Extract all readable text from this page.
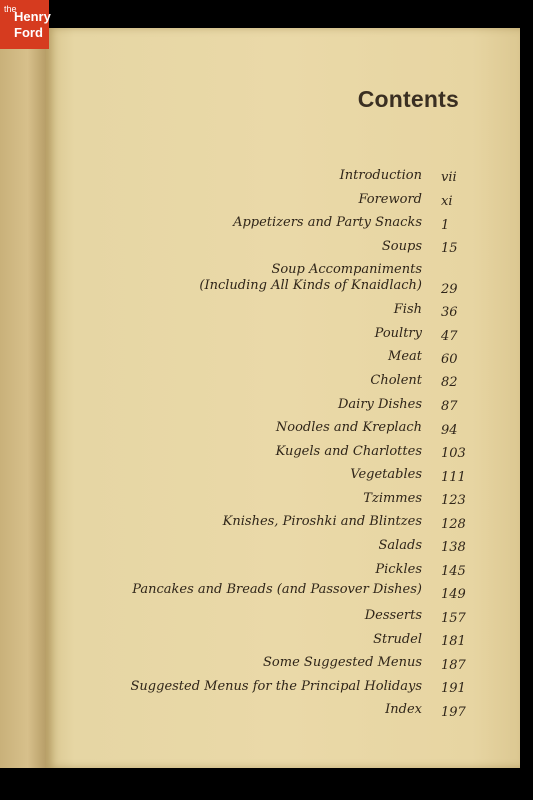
the
Henry
Ford
Contents
Introduction vii
Foreword xi
Appetizers and Party Snacks 1
Soups 15
Soup Accompaniments
(Including All Kinds of Knaidlach) 29
Fish 36
Poultry 47
Meat 60
Cholent 82
Dairy Dishes 87
Noodles and Kreplach 94
Kugels and Charlottes 103
Vegetables 111
Tzimmes 123
Knishes, Piroshki and Blintzes 128
Salads 138
Pickles 145
Pancakes and Breads (and Passover Dishes) 149
Desserts 157
Strudel 181
Some Suggested Menus 187
Suggested Menus for the Principal Holidays 191
Index 197
